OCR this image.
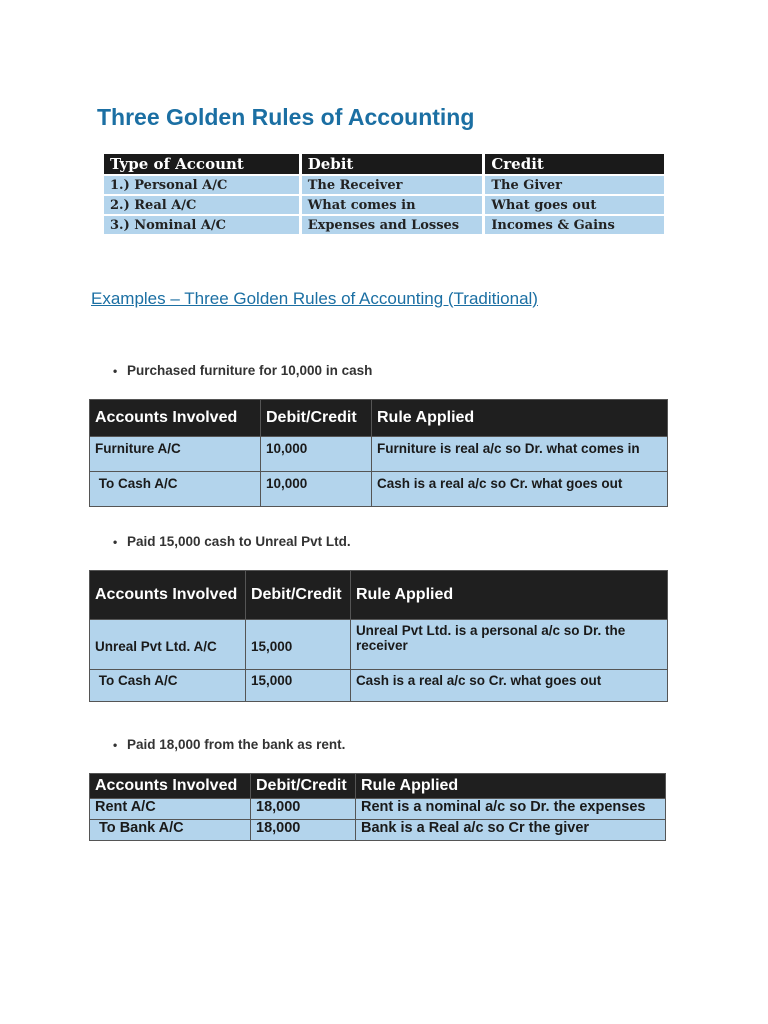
Three Golden Rules of Accounting
Type of Account	Debit	Credit
1.) Personal A/C	The Receiver	The Giver
2.) Real A/C	What comes in	What goes out
3.) Nominal A/C	Expenses and Losses	Incomes & Gains
Examples – Three Golden Rules of Accounting (Traditional)
• Purchased furniture for 10,000 in cash
Accounts Involved	Debit/Credit	Rule Applied
Furniture A/C	10,000	Furniture is real a/c so Dr. what comes in
To Cash A/C	10,000	Cash is a real a/c so Cr. what goes out
• Paid 15,000 cash to Unreal Pvt Ltd.
Accounts Involved	Debit/Credit	Rule Applied
Unreal Pvt Ltd. A/C	15,000	Unreal Pvt Ltd. is a personal a/c so Dr. the receiver
To Cash A/C	15,000	Cash is a real a/c so Cr. what goes out
• Paid 18,000 from the bank as rent.
Accounts Involved	Debit/Credit	Rule Applied
Rent A/C	18,000	Rent is a nominal a/c so Dr. the expenses
To Bank A/C	18,000	Bank is a Real a/c so Cr the giver
